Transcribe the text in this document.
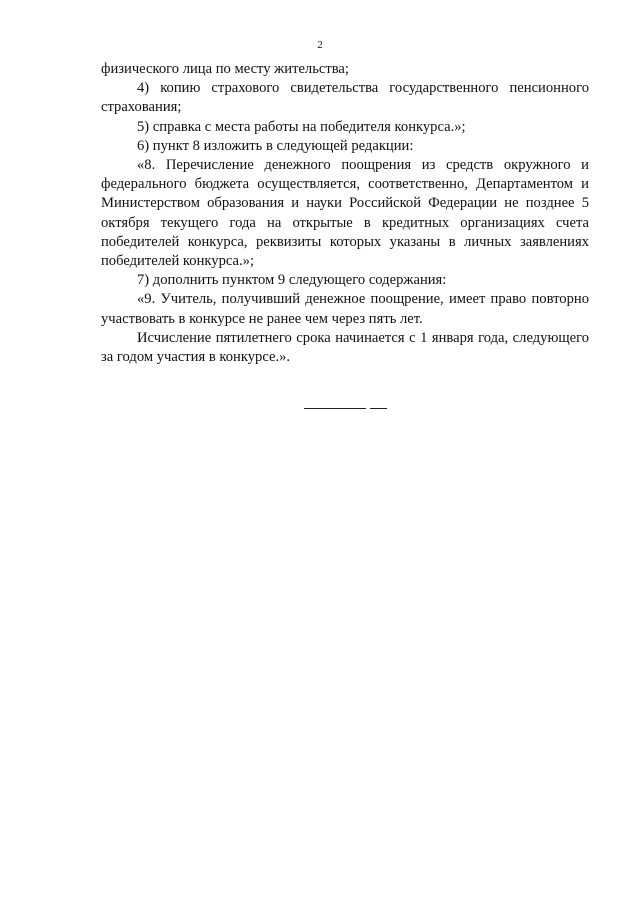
2

физического лица по месту жительства;

4) копию страхового свидетельства государственного пенсионного страхования;

5) справка с места работы на победителя конкурса.»;

6) пункт 8 изложить в следующей редакции:

«8. Перечисление денежного поощрения из средств окружного и федерального бюджета осуществляется, соответственно, Департаментом и Министерством образования и науки Российской Федерации не позднее 5 октября текущего года на открытые в кредитных организациях счета победителей конкурса, реквизиты которых указаны в личных заявлениях победителей конкурса.»;

7) дополнить пунктом 9 следующего содержания:

«9. Учитель, получивший денежное поощрение, имеет право повторно участвовать в конкурсе не ранее чем через пять лет.

Исчисление пятилетнего срока начинается с 1 января года, следующего за годом участия в конкурсе.».
